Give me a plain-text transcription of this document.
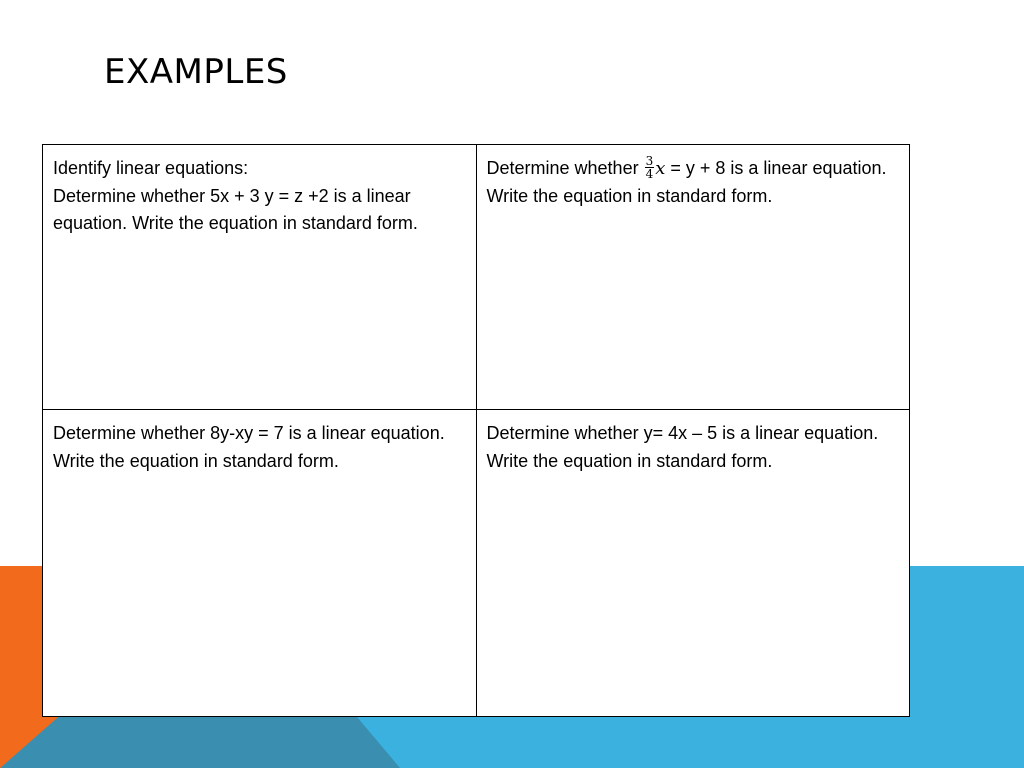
EXAMPLES
Identify linear equations:
Determine whether 5x + 3 y = z +2 is a linear equation. Write the equation in standard form.	Determine whether $\frac{3}{4}$ x = y + 8 is a linear equation. Write the equation in standard form.

Determine whether 8y-xy = 7 is a linear equation. Write the equation in standard form.	Determine whether y= 4x – 5 is a linear equation. Write the equation in standard form.
